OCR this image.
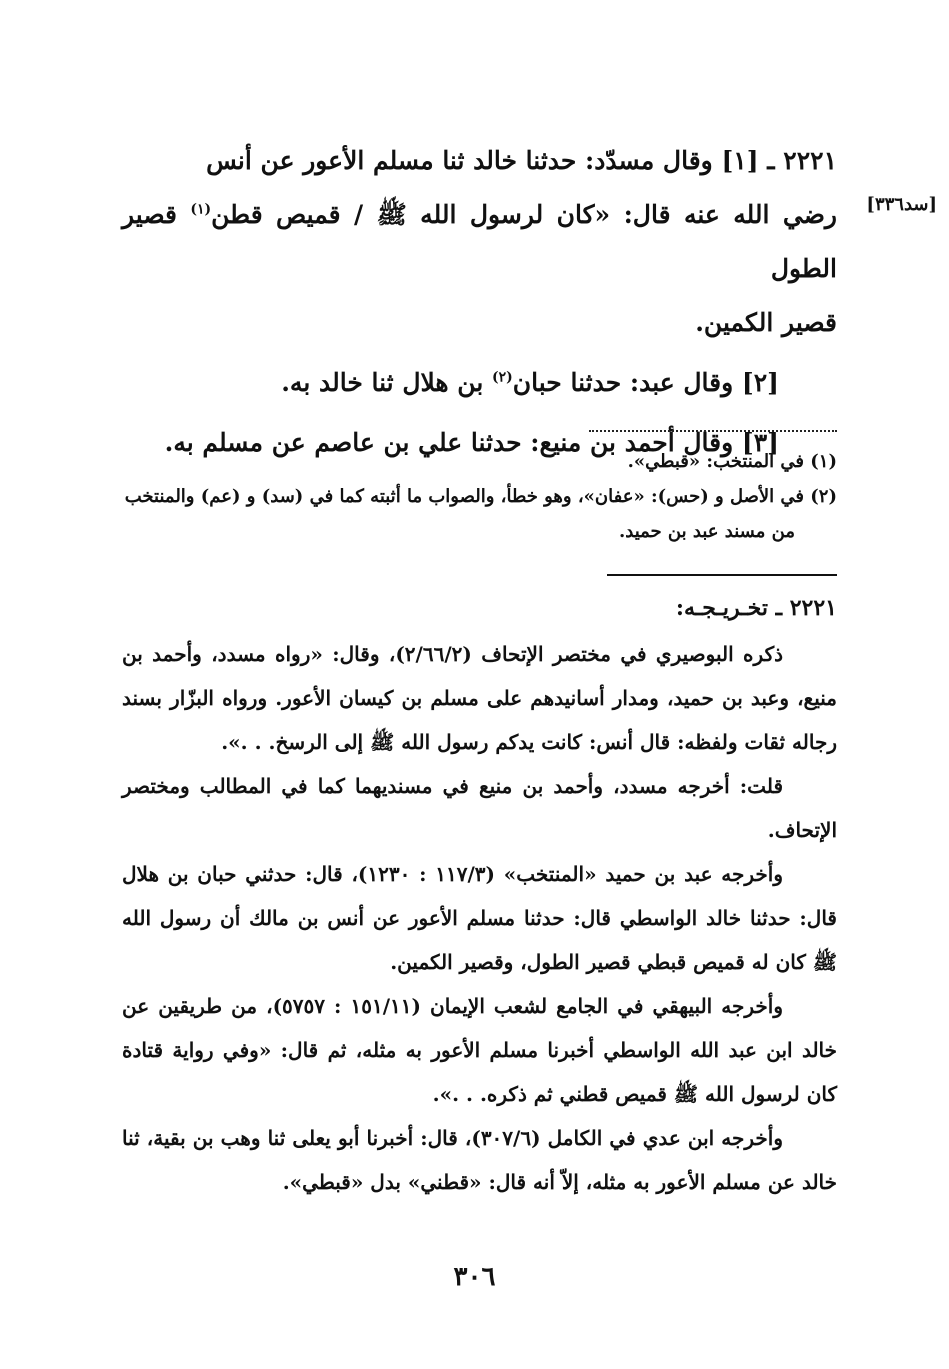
[سد٣٣٦]

٢٢٢١ ـ [١] وقال مسدّد: حدثنا خالد ثنا مسلم الأعور عن أنس

رضي الله عنه قال: «كان لرسول الله ﷺ / قميص قطن$^{(١)}$ قصير الطول

قصير الكمين.

[٢] وقال عبد: حدثنا حبان$^{(٢)}$ بن هلال ثنا خالد به.

[٣] وقال أحمد بن منيع: حدثنا علي بن عاصم عن مسلم به.

(١) في المنتخب: «قبطي».

(٢) في الأصل و (حس): «عفان»، وهو خطأ، والصواب ما أثبته كما في (سد) و (عم) والمنتخب

من مسند عبد بن حميد.

٢٢٢١ ـ تخـريـجـه:

ذكره البوصيري في مختصر الإتحاف (٢/٦٦/٢)، وقال: «رواه مسدد، وأحمد بن منيع، وعبد بن حميد، ومدار أسانيدهم على مسلم بن كيسان الأعور. ورواه البزّار بسند رجاله ثقات ولفظه: قال أنس: كانت يدكم رسول الله ﷺ إلى الرسخ. . .».

قلت: أخرجه مسدد، وأحمد بن منيع في مسنديهما كما في المطالب ومختصر الإتحاف.

وأخرجه عبد بن حميد «المنتخب» (١١٧/٣ : ١٢٣٠)، قال: حدثني حبان بن هلال قال: حدثنا خالد الواسطي قال: حدثنا مسلم الأعور عن أنس بن مالك أن رسول الله ﷺ كان له قميص قبطي قصير الطول، وقصير الكمين.

وأخرجه البيهقي في الجامع لشعب الإيمان (١٥١/١١ : ٥٧٥٧)، من طريقين عن خالد ابن عبد الله الواسطي أخبرنا مسلم الأعور به مثله، ثم قال: «وفي رواية قتادة كان لرسول الله ﷺ قميص قطني ثم ذكره. . .».

وأخرجه ابن عدي في الكامل (٣٠٧/٦)، قال: أخبرنا أبو يعلى ثنا وهب بن بقية، ثنا خالد عن مسلم الأعور به مثله، إلاّ أنه قال: «قطني» بدل «قبطي».

٣٠٦
